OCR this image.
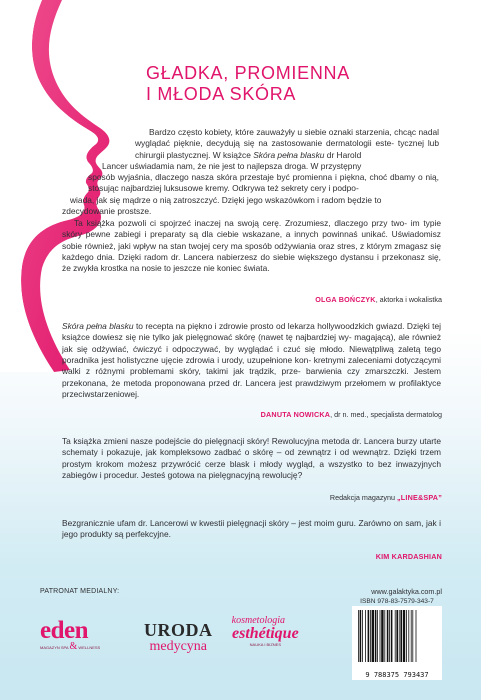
GŁADKA, PROMIENNA
I MŁODA SKÓRA

Bardzo często kobiety, które zauważyły u siebie oznaki starzenia, chcąc nadal wyglądać pięknie, decydują się na zastosowanie dermatologii este- tycznej lub chirurgii plastycznej. W książce Skóra pełna blasku dr Harold

Lancer uświadamia nam, że nie jest to najlepsza droga. W przystępny

sposób wyjaśnia, dlaczego nasza skóra przestaje być promienna i piękna, choć dbamy o nią, stosując najbardziej luksusowe kremy. Odkrywa też sekrety cery i podpo-

wiada, jak się mądrze o nią zatroszczyć. Dzięki jego wskazówkom i radom będzie to

zdecydowanie prostsze.

Ta książka pozwoli ci spojrzeć inaczej na swoją cerę. Zrozumiesz, dlaczego przy two- im typie skóry pewne zabiegi i preparaty są dla ciebie wskazane, a innych powinnaś unikać. Uświadomisz sobie również, jaki wpływ na stan twojej cery ma sposób odżywiania oraz stres, z którym zmagasz się każdego dnia. Dzięki radom dr. Lancera nabierzesz do siebie większego dystansu i przekonasz się, że zwykła krostka na nosie to jeszcze nie koniec świata.

OLGA BOŃCZYK, aktorka i wokalistka

Skóra pełna blasku to recepta na piękno i zdrowie prosto od lekarza hollywoodzkich gwiazd. Dzięki tej książce dowiesz się nie tylko jak pielęgnować skórę (nawet tę najbardziej wy- magającą), ale również jak się odżywiać, ćwiczyć i odpoczywać, by wyglądać i czuć się młodo. Niewątpliwą zaletą tego poradnika jest holistyczne ujęcie zdrowia i urody, uzupełnione kon- kretnymi zaleceniami dotyczącymi walki z różnymi problemami skóry, takimi jak trądzik, prze- barwienia czy zmarszczki. Jestem przekonana, że metoda proponowana przed dr. Lancera jest prawdziwym przełomem w profilaktyce przeciwstarzeniowej.

DANUTA NOWICKA, dr n. med., specjalista dermatolog

Ta książka zmieni nasze podejście do pielęgnacji skóry! Rewolucyjna metoda dr. Lancera burzy utarte schematy i pokazuje, jak kompleksowo zadbać o skórę – od zewnątrz i od wewnątrz. Dzięki trzem prostym krokom możesz przywrócić cerze blask i młody wygląd, a wszystko to bez inwazyjnych zabiegów i procedur. Jesteś gotowa na pielęgnacyjną rewolucję?

Redakcja magazynu „LINE&SPA”

Bezgranicznie ufam dr. Lancerowi w kwestii pielęgnacji skóry – jest moim guru. Zarówno on sam, jak i jego produkty są perfekcyjne.

KIM KARDASHIAN
PATRONAT MEDIALNY:	www.galaktyka.com.pl
eden
MAGAZYN SPA & WELLNESS
URODA
medycyna
kosmetologia
esthétique
NAUKA I BIZNES
ISBN 978-83-7579-343-7
9 788375 793437
